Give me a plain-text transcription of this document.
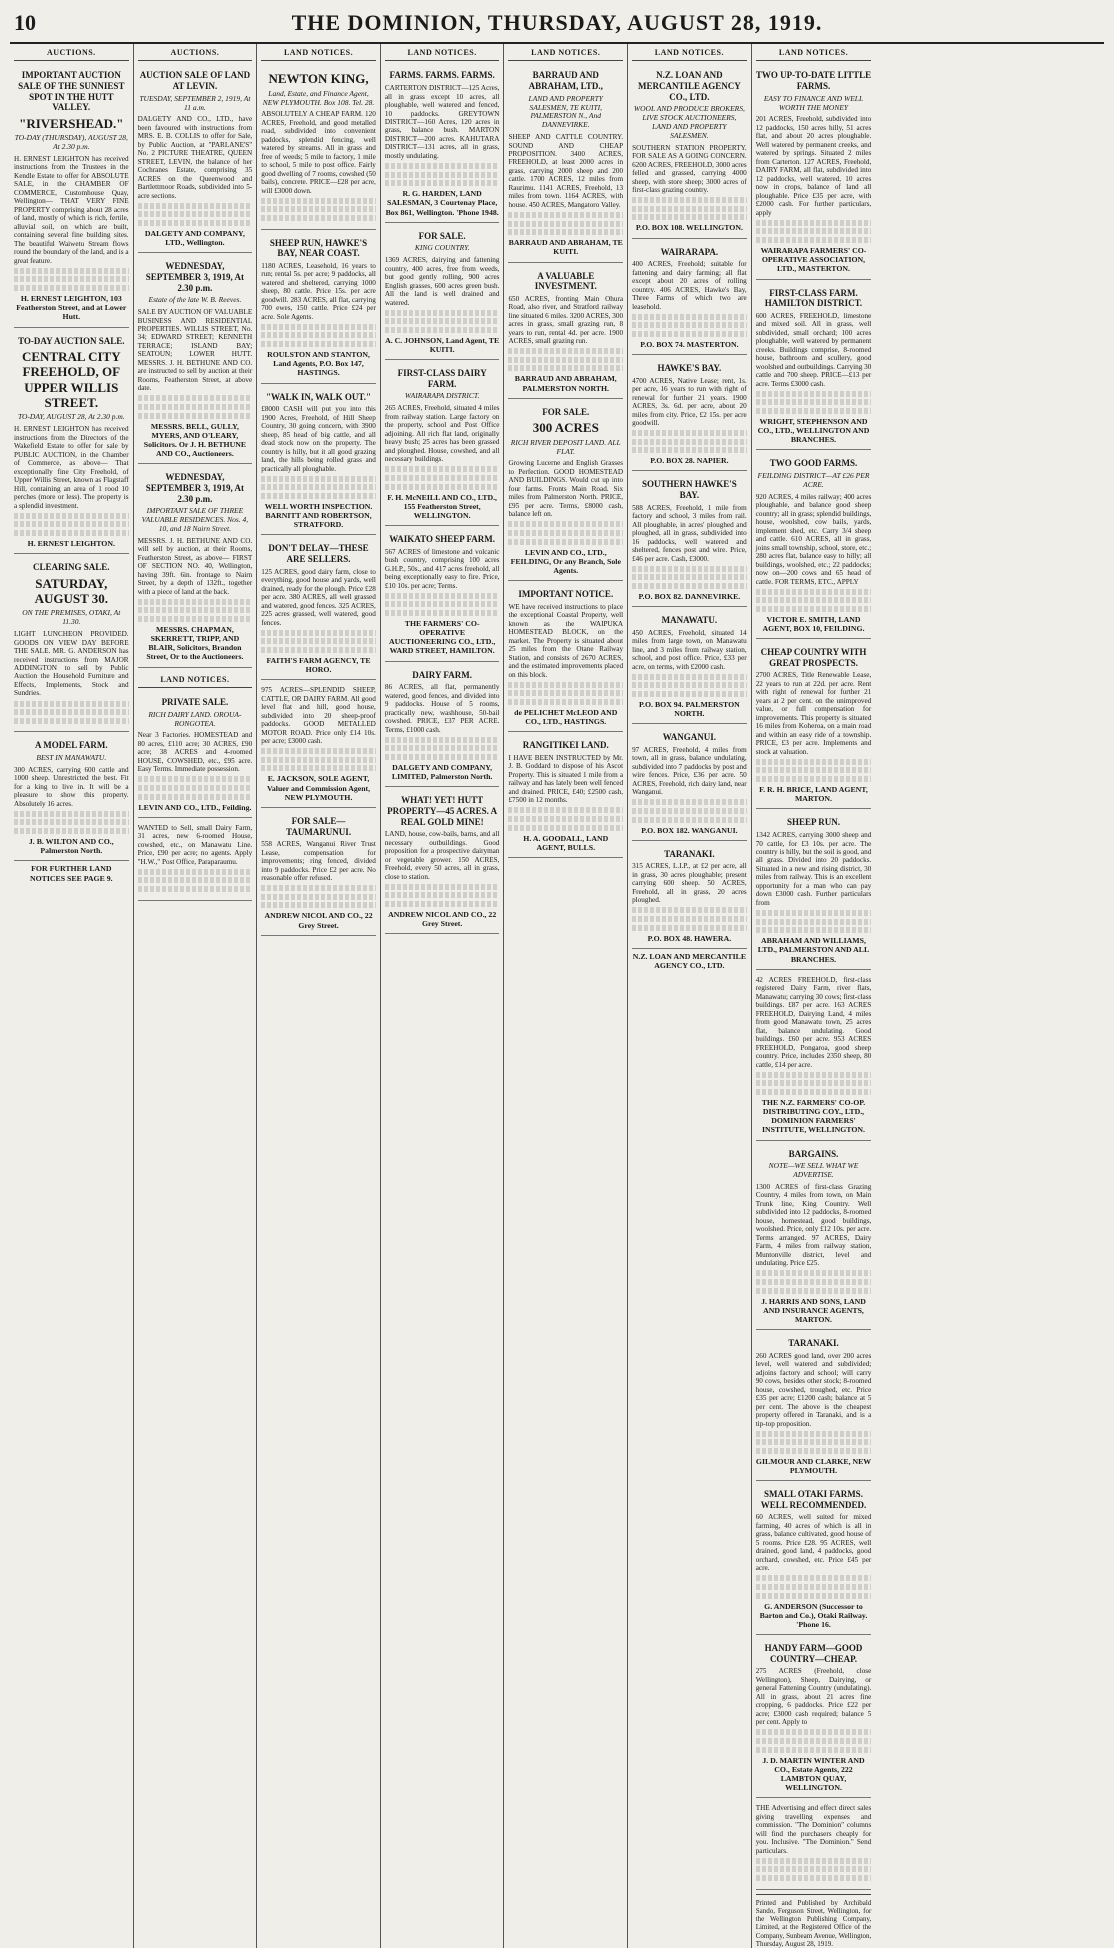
10	THE DOMINION, THURSDAY, AUGUST 28, 1919.
AUCTIONS.
IMPORTANT AUCTION SALE OF THE SUNNIEST SPOT IN THE HUTT VALLEY.
"RIVERSHEAD."
TO-DAY (THURSDAY), AUGUST 28, At 2.30 p.m.
H. ERNEST LEIGHTON has received instructions from the Trustees in the Kendle Estate to offer for ABSOLUTE SALE, in the CHAMBER OF COMMERCE, Customhouse Quay, Wellington— THAT VERY FINE PROPERTY comprising about 28 acres of land, mostly of which is rich, fertile, alluvial soil, on which are built, containing several fine building sites. The beautiful Waiwetu Stream flows round the boundary of the land, and is a great feature.
H. ERNEST LEIGHTON, 103 Featherston Street, and at Lower Hutt.
TO-DAY AUCTION SALE.
CENTRAL CITY FREEHOLD, OF UPPER WILLIS STREET.
TO-DAY, AUGUST 28, At 2.30 p.m.
H. ERNEST LEIGHTON has received instructions from the Directors of the Wakefield Estate to offer for sale by PUBLIC AUCTION, in the Chamber of Commerce, as above— That exceptionally fine City Freehold, of Upper Willis Street, known as Flagstaff Hill, containing an area of 1 rood 10 perches (more or less). The property is a splendid investment.
H. ERNEST LEIGHTON.
CLEARING SALE.
SATURDAY, AUGUST 30.
ON THE PREMISES, OTAKI, At 11.30.
LIGHT LUNCHEON PROVIDED. GOODS ON VIEW DAY BEFORE THE SALE. MR. G. ANDERSON has received instructions from MAJOR ADDINGTON to sell by Public Auction the Household Furniture and Effects, Implements, Stock and Sundries.
A MODEL FARM.
BEST IN MANAWATU.
300 ACRES, carrying 600 cattle and 1000 sheep. Unrestricted the best. Fit for a king to live in. It will be a pleasure to show this property. Absolutely 16 acres.
J. B. WILTON AND CO., Palmerston North.
FOR FURTHER LAND NOTICES SEE PAGE 9.
AUCTIONS.
AUCTION SALE OF LAND AT LEVIN.
TUESDAY, SEPTEMBER 2, 1919, At 11 a.m.
DALGETY AND CO., LTD., have been favoured with instructions from MRS. E. B. COLLIS to offer for Sale, by Public Auction, at "PARLANE'S" No. 2 PICTURE THEATRE, QUEEN STREET, LEVIN, the balance of her Cochranes Estate, comprising 35 ACRES on the Queenwood and Bartlettmoor Roads, subdivided into 5-acre sections.
DALGETY AND COMPANY, LTD., Wellington.
WEDNESDAY, SEPTEMBER 3, 1919, At 2.30 p.m.
Estate of the late W. B. Reeves.
SALE BY AUCTION OF VALUABLE BUSINESS AND RESIDENTIAL PROPERTIES. WILLIS STREET, No. 34; EDWARD STREET; KENNETH TERRACE; ISLAND BAY; SEATOUN; LOWER HUTT. MESSRS. J. H. BETHUNE AND CO. are instructed to sell by auction at their Rooms, Featherston Street, at above date.
MESSRS. BELL, GULLY, MYERS, AND O'LEARY, Solicitors. Or J. H. BETHUNE AND CO., Auctioneers.
WEDNESDAY, SEPTEMBER 3, 1919, At 2.30 p.m.
IMPORTANT SALE OF THREE VALUABLE RESIDENCES. Nos. 4, 10, and 18 Nairn Street.
MESSRS. J. H. BETHUNE AND CO. will sell by auction, at their Rooms, Featherston Street, as above— FIRST OF SECTION NO. 40, Wellington, having 39ft. 6in. frontage to Nairn Street, by a depth of 132ft., together with a piece of land at the back.
MESSRS. CHAPMAN, SKERRETT, TRIPP, AND BLAIR, Solicitors, Brandon Street, Or to the Auctioneers.
LAND NOTICES.
PRIVATE SALE.
RICH DAIRY LAND. OROUA-RONGOTEA.
Near 3 Factories. HOMESTEAD and 80 acres, £110 acre; 30 ACRES, £90 acre; 38 ACRES and 4-roomed HOUSE, COWSHED, etc., £95 acre. Easy Terms. Immediate possession.
LEVIN AND CO., LTD., Feilding.
WANTED to Sell, small Dairy Farm, 31 acres, new 6-roomed House, cowshed, etc., on Manawatu Line. Price, £90 per acre; no agents. Apply "H.W.," Post Office, Paraparaumu.
LAND NOTICES.
NEWTON KING,
Land, Estate, and Finance Agent, NEW PLYMOUTH. Box 108. Tel. 28.
ABSOLUTELY A CHEAP FARM. 120 ACRES, Freehold, and good metalled road, subdivided into convenient paddocks, splendid fencing, well watered by streams. All in grass and free of weeds; 5 mile to factory, 1 mile to school, 5 mile to post office. Fairly good dwelling of 7 rooms, cowshed (50 bails), concrete. PRICE—£28 per acre, will £3000 down.
SHEEP RUN, HAWKE'S BAY, NEAR COAST.
1180 ACRES, Leasehold, 16 years to run; rental 5s. per acre; 9 paddocks, all watered and sheltered, carrying 1000 sheep, 80 cattle. Price 15s. per acre goodwill. 283 ACRES, all flat, carrying 700 ewes, 150 cattle. Price £24 per acre. Sole Agents.
ROULSTON AND STANTON, Land Agents, P.O. Box 147, HASTINGS.
"WALK IN, WALK OUT."
£8000 CASH will put you into this 1900 Acres, Freehold, of Hill Sheep Country, 30 going concern, with 3900 sheep, 85 head of big cattle, and all dead stock now on the property. The country is hilly, but it all good grazing land, the hills being rolled grass and practically all ploughable.
WELL WORTH INSPECTION. BARNITT AND ROBERTSON, STRATFORD.
DON'T DELAY—THESE ARE SELLERS.
125 ACRES, good dairy farm, close to everything, good house and yards, well drained, ready for the plough. Price £28 per acre. 380 ACRES, all well grassed and watered, good fences. 325 ACRES, 225 acres grassed, well watered, good fences.
FAITH'S FARM AGENCY, TE HORO.
975 ACRES—SPLENDID SHEEP, CATTLE, OR DAIRY FARM. All good level flat and hill, good house, subdivided into 20 sheep-proof paddocks. GOOD METALLED MOTOR ROAD. Price only £14 10s. per acre; £3000 cash.
E. JACKSON, SOLE AGENT, Valuer and Commission Agent, NEW PLYMOUTH.
FOR SALE—TAUMARUNUI.
558 ACRES, Wanganui River Trust Lease, compensation for improvements; ring fenced, divided into 9 paddocks. Price £2 per acre. No reasonable offer refused.
ANDREW NICOL AND CO., 22 Grey Street.
LAND NOTICES.
FARMS. FARMS. FARMS.
CARTERTON DISTRICT—125 Acres, all in grass except 10 acres, all ploughable, well watered and fenced, 10 paddocks. GREYTOWN DISTRICT—160 Acres, 120 acres in grass, balance bush. MARTON DISTRICT—200 acres. KAHUTARA DISTRICT—131 acres, all in grass, mostly undulating.
R. G. HARDEN, LAND SALESMAN, 3 Courtenay Place, Box 861, Wellington. 'Phone 1948.
FOR SALE.
KING COUNTRY.
1369 ACRES, dairying and fattening country, 400 acres, free from weeds, but good gently rolling, 900 acres English grasses, 600 acres green bush. All the land is well drained and watered.
A. C. JOHNSON, Land Agent, TE KUITI.
FIRST-CLASS DAIRY FARM.
WAIRARAPA DISTRICT.
265 ACRES, Freehold, situated 4 miles from railway station. Large factory on the property, school and Post Office adjoining. All rich flat land, originally heavy bush; 25 acres has been grassed and ploughed. House, cowshed, and all necessary buildings.
F. H. McNEILL AND CO., LTD., 155 Featherston Street, WELLINGTON.
WAIKATO SHEEP FARM.
567 ACRES of limestone and volcanic bush country, comprising 100 acres G.H.P., 50s., and 417 acres freehold, all being exceptionally easy to fire. Price, £10 10s. per acre; Terms.
THE FARMERS' CO-OPERATIVE AUCTIONEERING CO., LTD., WARD STREET, HAMILTON.
DAIRY FARM.
86 ACRES, all flat, permanently watered, good fences, and divided into 9 paddocks. House of 5 rooms, practically new, washhouse, 50-bail cowshed. PRICE, £37 PER ACRE. Terms, £1000 cash.
DALGETY AND COMPANY, LIMITED, Palmerston North.
WHAT! YET! HUTT PROPERTY—45 ACRES. A REAL GOLD MINE!
LAND, house, cow-bails, barns, and all necessary outbuildings. Good proposition for a prospective dairyman or vegetable grower. 150 ACRES, Freehold, every 50 acres, all in grass, close to station.
ANDREW NICOL AND CO., 22 Grey Street.
LAND NOTICES.
BARRAUD AND ABRAHAM, LTD.,
LAND AND PROPERTY SALESMEN, TE KUITI, PALMERSTON N., And DANNEVIRKE.
SHEEP AND CATTLE COUNTRY. SOUND AND CHEAP PROPOSITION. 3400 ACRES, FREEHOLD, at least 2000 acres in grass, carrying 2000 sheep and 200 cattle. 1700 ACRES, 12 miles from Raurimu. 1141 ACRES, Freehold, 13 miles from town. 1164 ACRES, with house. 450 ACRES, Mangatoro Valley.
BARRAUD AND ABRAHAM, TE KUITI.
A VALUABLE INVESTMENT.
650 ACRES, fronting Main Ohura Road, also river, and Stratford railway line situated 6 miles. 3200 ACRES, 300 acres in grass, small grazing run, 8 years to run, rental 4d. per acre. 1900 ACRES, small grazing run.
BARRAUD AND ABRAHAM, PALMERSTON NORTH.
FOR SALE.
300 ACRES
RICH RIVER DEPOSIT LAND. ALL FLAT.
Growing Lucerne and English Grasses to Perfection. GOOD HOMESTEAD AND BUILDINGS. Would cut up into four farms. Fronts Main Road. Six miles from Palmerston North. PRICE, £95 per acre. Terms, £8000 cash, balance left on.
LEVIN AND CO., LTD., FEILDING, Or any Branch, Sole Agents.
IMPORTANT NOTICE.
WE have received instructions to place the exceptional Coastal Property, well known as the WAIPUKA HOMESTEAD BLOCK, on the market. The Property is situated about 25 miles from the Otane Railway Station, and consists of 2670 ACRES, and the estimated improvements placed on this block.
de PELICHET McLEOD AND CO., LTD., HASTINGS.
RANGITIKEI LAND.
I HAVE BEEN INSTRUCTED by Mr. J. B. Goddard to dispose of his Ascot Property. This is situated 1 mile from a railway and has lately been well fenced and drained. PRICE, £40; £2500 cash, £7500 in 12 months.
H. A. GOODALL, LAND AGENT, BULLS.
LAND NOTICES.
N.Z. LOAN AND MERCANTILE AGENCY CO., LTD.
WOOL AND PRODUCE BROKERS, LIVE STOCK AUCTIONEERS, LAND AND PROPERTY SALESMEN.
SOUTHERN STATION PROPERTY. FOR SALE AS A GOING CONCERN. 6200 ACRES, FREEHOLD, 3000 acres felled and grassed, carrying 4000 sheep, with store sheep; 3000 acres of first-class grazing country.
P.O. BOX 108. WELLINGTON.
WAIRARAPA.
400 ACRES, Freehold; suitable for fattening and dairy farming; all flat except about 20 acres of rolling country. 406 ACRES, Hawke's Bay, Three Farms of which two are leasehold.
P.O. BOX 74. MASTERTON.
HAWKE'S BAY.
4700 ACRES, Native Lease; rent, 1s. per acre, 16 years to run with right of renewal for further 21 years. 1900 ACRES, 3s. 6d. per acre, about 20 miles from city. Price, £2 15s. per acre goodwill.
P.O. BOX 28. NAPIER.
SOUTHERN HAWKE'S BAY.
588 ACRES, Freehold, 1 mile from factory and school, 3 miles from rail. All ploughable, in acres' ploughed and ploughed, all in grass, subdivided into 16 paddocks, well watered and sheltered, fences post and wire. Price, £46 per acre. Cash, £3000.
P.O. BOX 82. DANNEVIRKE.
MANAWATU.
450 ACRES, Freehold, situated 14 miles from large town, on Manawatu line, and 3 miles from railway station, school, and post office. Price, £33 per acre, on terms, with £2000 cash.
P.O. BOX 94. PALMERSTON NORTH.
WANGANUI.
97 ACRES, Freehold, 4 miles from town, all in grass, balance undulating, subdivided into 7 paddocks by post and wire fences. Price, £36 per acre. 50 ACRES, Freehold, rich dairy land, near Wanganui.
P.O. BOX 182. WANGANUI.
TARANAKI.
315 ACRES, L.I.P., at £2 per acre, all in grass, 30 acres ploughable; present carrying 600 sheep. 50 ACRES, Freehold, all in grass, 20 acres ploughed.
P.O. BOX 48. HAWERA.
N.Z. LOAN AND MERCANTILE AGENCY CO., LTD.
LAND NOTICES.
TWO UP-TO-DATE LITTLE FARMS.
EASY TO FINANCE AND WELL WORTH THE MONEY
201 ACRES, Freehold, subdivided into 12 paddocks, 150 acres hilly, 51 acres flat, and about 20 acres ploughable. Well watered by permanent creeks, and watered by springs. Situated 2 miles from Carterton. 127 ACRES, Freehold, DAIRY FARM, all flat, subdivided into 12 paddocks, well watered, 10 acres now in crops, balance of land all ploughable. Price £35 per acre, with £2000 cash. For further particulars, apply
WAIRARAPA FARMERS' CO-OPERATIVE ASSOCIATION, LTD., MASTERTON.
FIRST-CLASS FARM. HAMILTON DISTRICT.
600 ACRES, FREEHOLD, limestone and mixed soil. All in grass, well subdivided, small orchard; 100 acres ploughable, well watered by permanent creeks. Buildings comprise, 8-roomed house, bathroom and scullery, good woolshed and outbuildings. Carrying 30 cattle and 700 sheep. PRICE—£13 per acre. Terms £3000 cash.
WRIGHT, STEPHENSON AND CO., LTD., WELLINGTON AND BRANCHES.
TWO GOOD FARMS.
FEILDING DISTRICT—AT £26 PER ACRE.
920 ACRES, 4 miles railway; 400 acres ploughable, and balance good sheep country; all in grass; splendid buildings, house, woolshed, cow bails, yards, implement shed, etc. Carry 3/4 sheep and cattle. 610 ACRES, all in grass, joins small township, school, store, etc.; 280 acres flat, balance easy to hilly; all buildings, woolshed, etc.; 22 paddocks; now on—200 cows and 65 head of cattle. FOR TERMS, ETC., APPLY
VICTOR E. SMITH, LAND AGENT, BOX 10, FEILDING.
CHEAP COUNTRY WITH GREAT PROSPECTS.
2700 ACRES, Title Renewable Lease, 22 years to run at 22d. per acre. Rent with right of renewal for further 21 years at 2 per cent. on the unimproved value, or full compensation for improvements. This property is situated 16 miles from Koheroa, on a main road and within an easy ride of a township. PRICE, £3 per acre. Implements and stock at valuation.
F. R. H. BRICE, LAND AGENT, MARTON.
SHEEP RUN.
1342 ACRES, carrying 3000 sheep and 70 cattle, for £3 10s. per acre. The country is hilly, but the soil is good, and all grass. Divided into 20 paddocks. Situated in a new and rising district, 30 miles from railway. This is an excellent opportunity for a man who can pay down £3000 cash. Further particulars from
ABRAHAM AND WILLIAMS, LTD., PALMERSTON AND ALL BRANCHES.
42 ACRES FREEHOLD, first-class registered Dairy Farm, river flats, Manawatu; carrying 30 cows; first-class buildings. £87 per acre. 163 ACRES FREEHOLD, Dairying Land, 4 miles from good Manawatu town, 25 acres flat, balance undulating. Good buildings. £60 per acre. 953 ACRES FREEHOLD, Pongaroa, good sheep country. Price, includes 2350 sheep, 80 cattle, £14 per acre.
THE N.Z. FARMERS' CO-OP. DISTRIBUTING COY., LTD., DOMINION FARMERS' INSTITUTE, WELLINGTON.
BARGAINS.
NOTE—WE SELL WHAT WE ADVERTISE.
1300 ACRES of first-class Grazing Country, 4 miles from town, on Main Trunk line, King Country. Well subdivided into 12 paddocks, 8-roomed house, homestead, good buildings, woolshed. Price, only £12 10s. per acre. Terms arranged. 97 ACRES, Dairy Farm, 4 miles from railway station, Muntonville district, level and undulating. Price £25.
J. HARRIS AND SONS, LAND AND INSURANCE AGENTS, MARTON.
TARANAKI.
260 ACRES good land, over 200 acres level, well watered and subdivided; adjoins factory and school; will carry 90 cows, besides other stock; 8-roomed house, cowshed, troughed, etc. Price £35 per acre; £1200 cash; balance at 5 per cent. The above is the cheapest property offered in Taranaki, and is a tip-top proposition.
GILMOUR AND CLARKE, NEW PLYMOUTH.
SMALL OTAKI FARMS. WELL RECOMMENDED.
60 ACRES, well suited for mixed farming, 40 acres of which is all in grass, balance cultivated, good house of 5 rooms. Price £28. 95 ACRES, well drained, good land, 4 paddocks, good orchard, cowshed, etc. Price £45 per acre.
G. ANDERSON (Successor to Barton and Co.), Otaki Railway. 'Phone 16.
HANDY FARM—GOOD COUNTRY—CHEAP.
275 ACRES (Freehold, close Wellington), Sheep, Dairying, or general Fattening Country (undulating). All in grass, about 21 acres fine cropping, 6 paddocks. Price £22 per acre; £3000 cash required; balance 5 per cent. Apply to
J. D. MARTIN WINTER AND CO., Estate Agents, 222 LAMBTON QUAY, WELLINGTON.
THE Advertising and effect direct sales giving travelling expenses and commission. "The Dominion" columns will find the purchasers cheaply for you. Inclusive. "The Dominion." Send particulars.
Printed and Published by Archibald Sando, Ferguson Street, Wellington, for the Wellington Publishing Company, Limited, at the Registered Office of the Company, Sunbeam Avenue, Wellington, Thursday, August 28, 1919.
